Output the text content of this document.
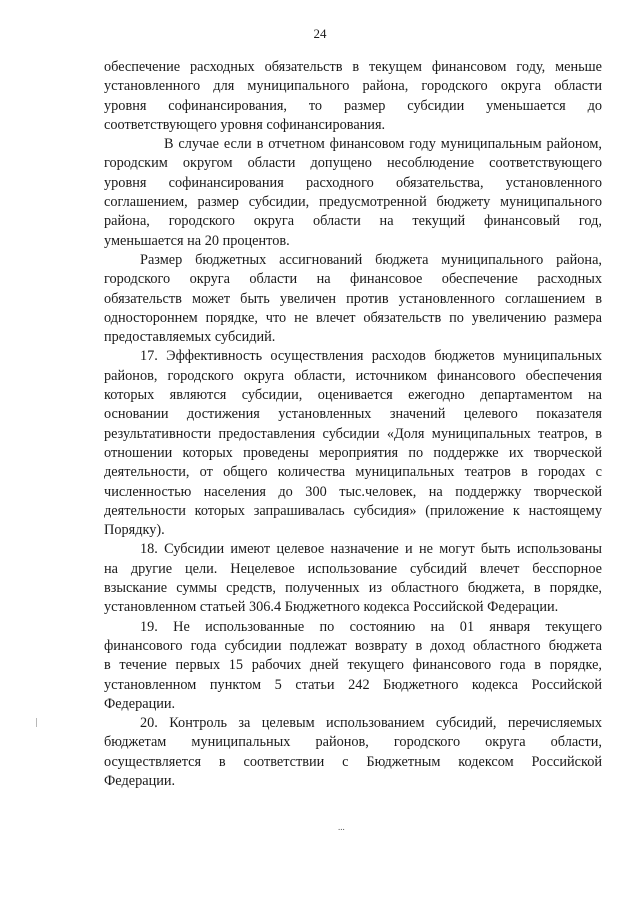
24

обеспечение расходных обязательств в текущем финансовом году, меньше
установленного для муниципального района, городского округа области
уровня софинансирования, то размер субсидии уменьшается до
соответствующего уровня софинансирования.

В случае если в отчетном финансовом году муниципальным районом,
городским округом области допущено несоблюдение соответствующего
уровня софинансирования расходного обязательства, установленного
соглашением, размер субсидии, предусмотренной бюджету муниципального
района, городского округа области на текущий финансовый год,
уменьшается на 20 процентов.

Размер бюджетных ассигнований бюджета муниципального района,
городского округа области на финансовое обеспечение расходных
обязательств может быть увеличен против установленного соглашением в
одностороннем порядке, что не влечет обязательств по увеличению размера
предоставляемых субсидий.

17. Эффективность осуществления расходов бюджетов муниципальных
районов, городского округа области, источником финансового обеспечения
которых являются субсидии, оценивается ежегодно департаментом на
основании достижения установленных значений целевого показателя
результативности предоставления субсидии «Доля муниципальных театров, в
отношении которых проведены мероприятия по поддержке их творческой
деятельности, от общего количества муниципальных театров в городах с
численностью населения до 300 тыс.человек, на поддержку творческой
деятельности которых запрашивалась субсидия» (приложение к настоящему
Порядку).

18. Субсидии имеют целевое назначение и не могут быть использованы
на другие цели. Нецелевое использование субсидий влечет бесспорное
взыскание суммы средств, полученных из областного бюджета, в порядке,
установленном статьей 306.4 Бюджетного кодекса Российской Федерации.

19. Не использованные по состоянию на 01 января текущего
финансового года субсидии подлежат возврату в доход областного бюджета
в течение первых 15 рабочих дней текущего финансового года в порядке,
установленном пунктом 5 статьи 242 Бюджетного кодекса Российской
Федерации.

20. Контроль за целевым использованием субсидий, перечисляемых
бюджетам муниципальных районов, городского округа области,
осуществляется в соответствии с Бюджетным кодексом Российской
Федерации.

...
